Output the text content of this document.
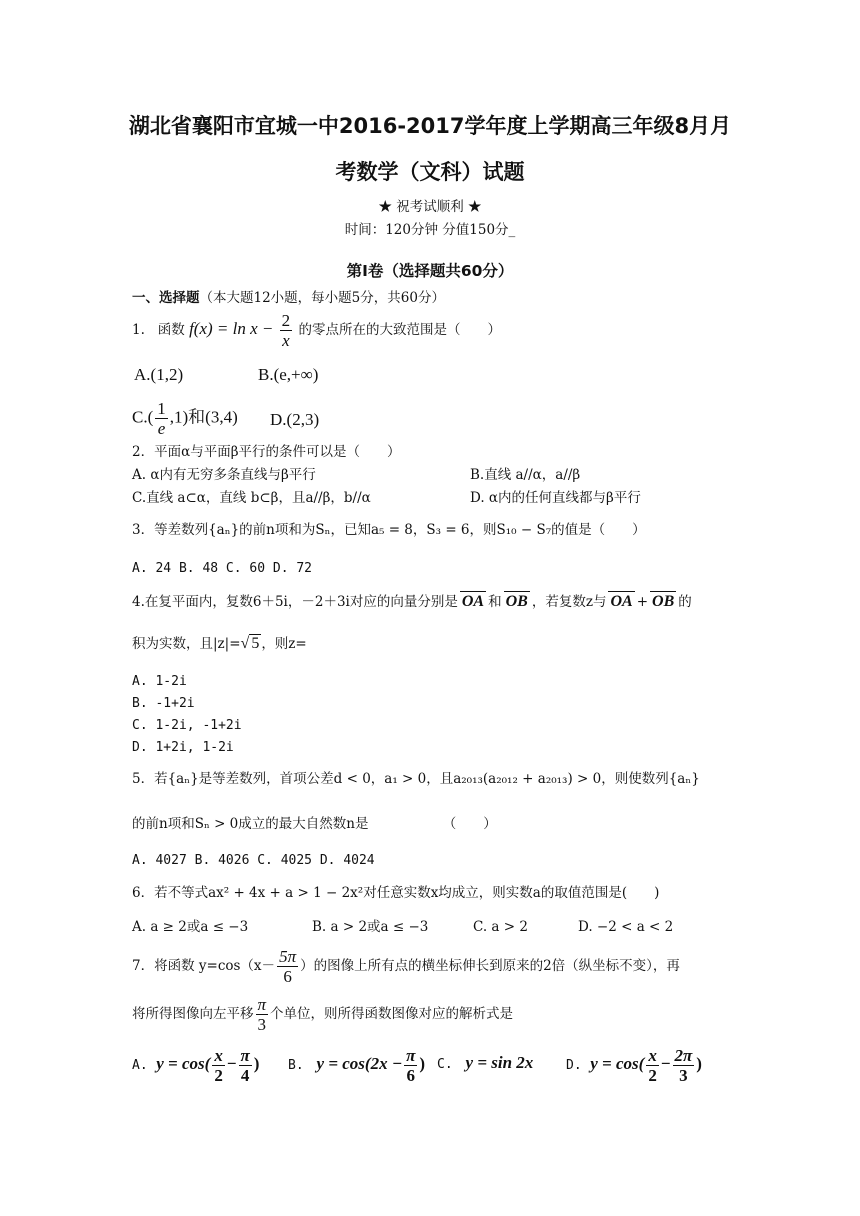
湖北省襄阳市宜城一中2016-2017学年度上学期高三年级8月月
考数学（文科）试题
★ 祝考试顺利 ★
时间：120分钟 分值150分_
第Ⅰ卷（选择题共60分）
一、选择题（本大题12小题，每小题5分，共60分）
1. 函数 $f(x) = \ln x - \frac{2}{x}$ 的零点所在的大致范围是（　　）
A.(1,2)	B.(e,+∞)
$C.( \frac{1}{e} ,1)$和(3,4) D.(2,3)
2．平面α与平面β平行的条件可以是（　　）
A. α内有无穷多条直线与β平行	B.直线 a//α，a//β
C.直线 a⊂α，直线 b⊂β，且a//β，b//α	D. α内的任何直线都与β平行
3．等差数列{aₙ}的前n项和为Sₙ，已知a₅ = 8，S₃ = 6，则S₁₀ − S₇的值是（　　）
A. 24 B. 48 C. 60 D. 72
4.在复平面内，复数6＋5i，－2＋3i对应的向量分别是 OA 和 OB ，若复数z与 OA + OB 的
积为实数，且|z|=√ 5 ，则z=
A. 1-2i
B. -1+2i
C. 1-2i, -1+2i
D. 1+2i, 1-2i
5．若{aₙ}是等差数列，首项公差d < 0，a₁ > 0，且a₂₀₁₃(a₂₀₁₂ + a₂₀₁₃) > 0，则使数列{aₙ}
的前n项和Sₙ > 0成立的最大自然数n是　　　　　　（　　）
A. 4027 B. 4026 C. 4025 D. 4024
6．若不等式ax² + 4x + a > 1 − 2x²对任意实数x均成立，则实数a的取值范围是(　　)
A. a ≥ 2或a ≤ −3	B. a > 2或a ≤ −3	C. a > 2	D. −2 < a < 2
7．将函数 $y=\cos(x- \frac{5\pi}{6}$ ）的图像上所有点的横坐标伸长到原来的2倍（纵坐标不变），再
将所得图像向左平移 $\frac{\pi}{3}$ 个单位，则所得函数图像对应的解析式是
A. $y = \cos( \frac{x}{2} - \frac{\pi}{4}$ ) B. $y = \cos(2x - \frac{\pi}{6}$ ) C. y = sin 2x	D. $y = \cos( \frac{x}{2} - \frac{2\pi}{3}$ )
